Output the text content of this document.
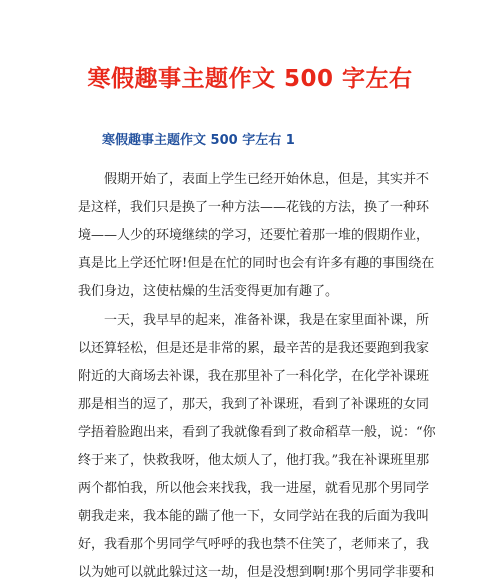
寒假趣事主题作文 500 字左右
寒假趣事主题作文 500 字左右 1
　　假期开始了，表面上学生已经开始休息，但是，其实并不
是这样，我们只是换了一种方法——花钱的方法，换了一种环
境——人少的环境继续的学习，还要忙着那一堆的假期作业，
真是比上学还忙呀!但是在忙的同时也会有许多有趣的事围绕在
我们身边，这使枯燥的生活变得更加有趣了。
　　一天，我早早的起来，准备补课，我是在家里面补课，所
以还算轻松，但是还是非常的累，最辛苦的是我还要跑到我家
附近的大商场去补课，我在那里补了一科化学，在化学补课班
那是相当的逗了，那天，我到了补课班，看到了补课班的女同
学捂着脸跑出来，看到了我就像看到了救命稻草一般，说：“你
终于来了，快救我呀，他太烦人了，他打我。”我在补课班里那
两个都怕我，所以他会来找我，我一进屋，就看见那个男同学
朝我走来，我本能的踹了他一下，女同学站在我的后面为我叫
好，我看那个男同学气呼呼的我也禁不住笑了，老师来了，我
以为她可以就此躲过这一劫，但是没想到啊!那个男同学非要和
